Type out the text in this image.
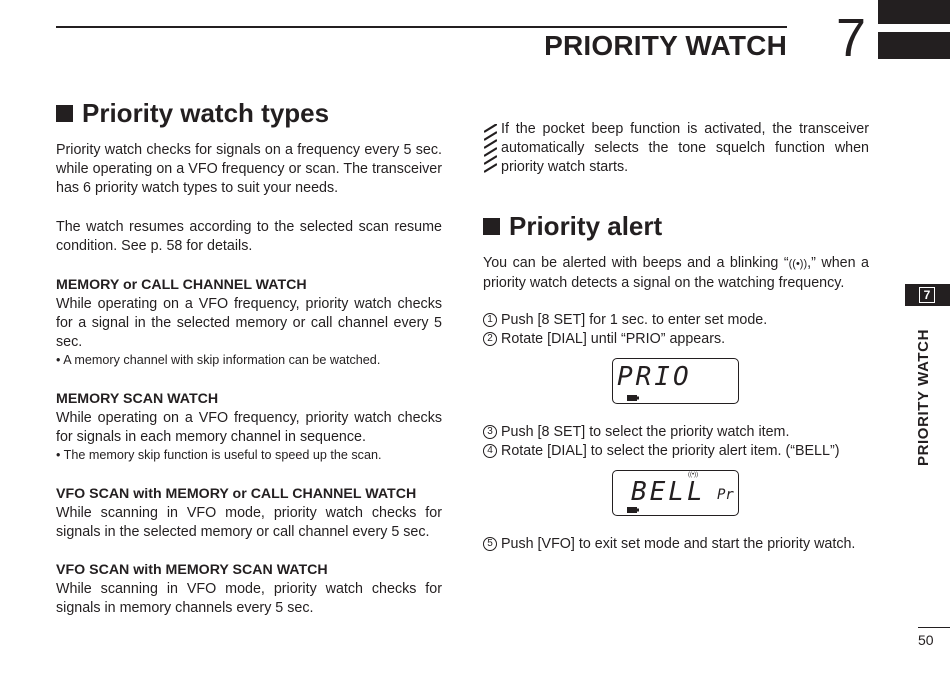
PRIORITY WATCH 7
Priority watch types
Priority watch checks for signals on a frequency every 5 sec. while operating on a VFO frequency or scan. The transceiver has 6 priority watch types to suit your needs.
The watch resumes according to the selected scan resume condition. See p. 58 for details.
MEMORY or CALL CHANNEL WATCH
While operating on a VFO frequency, priority watch checks for a signal in the selected memory or call channel every 5 sec.
• A memory channel with skip information can be watched.
MEMORY SCAN WATCH
While operating on a VFO frequency, priority watch checks for signals in each memory channel in sequence.
• The memory skip function is useful to speed up the scan.
VFO SCAN with MEMORY or CALL CHANNEL WATCH
While scanning in VFO mode, priority watch checks for signals in the selected memory or call channel every 5 sec.
VFO SCAN with MEMORY SCAN WATCH
While scanning in VFO mode, priority watch checks for signals in memory channels every 5 sec.
If the pocket beep function is activated, the transceiver automatically selects the tone squelch function when priority watch starts.
Priority alert
You can be alerted with beeps and a blinking “((•)),” when a priority watch detects a signal on the watching frequency.
1 Push [8 SET] for 1 sec. to enter set mode.
2 Rotate [DIAL] until “PRIO” appears.
PRIO
3 Push [8 SET] to select the priority watch item.
4 Rotate [DIAL] to select the priority alert item. (“BELL”)
((•))
BELL Pr
5 Push [VFO] to exit set mode and start the priority watch.
7
PRIORITY WATCH
50
